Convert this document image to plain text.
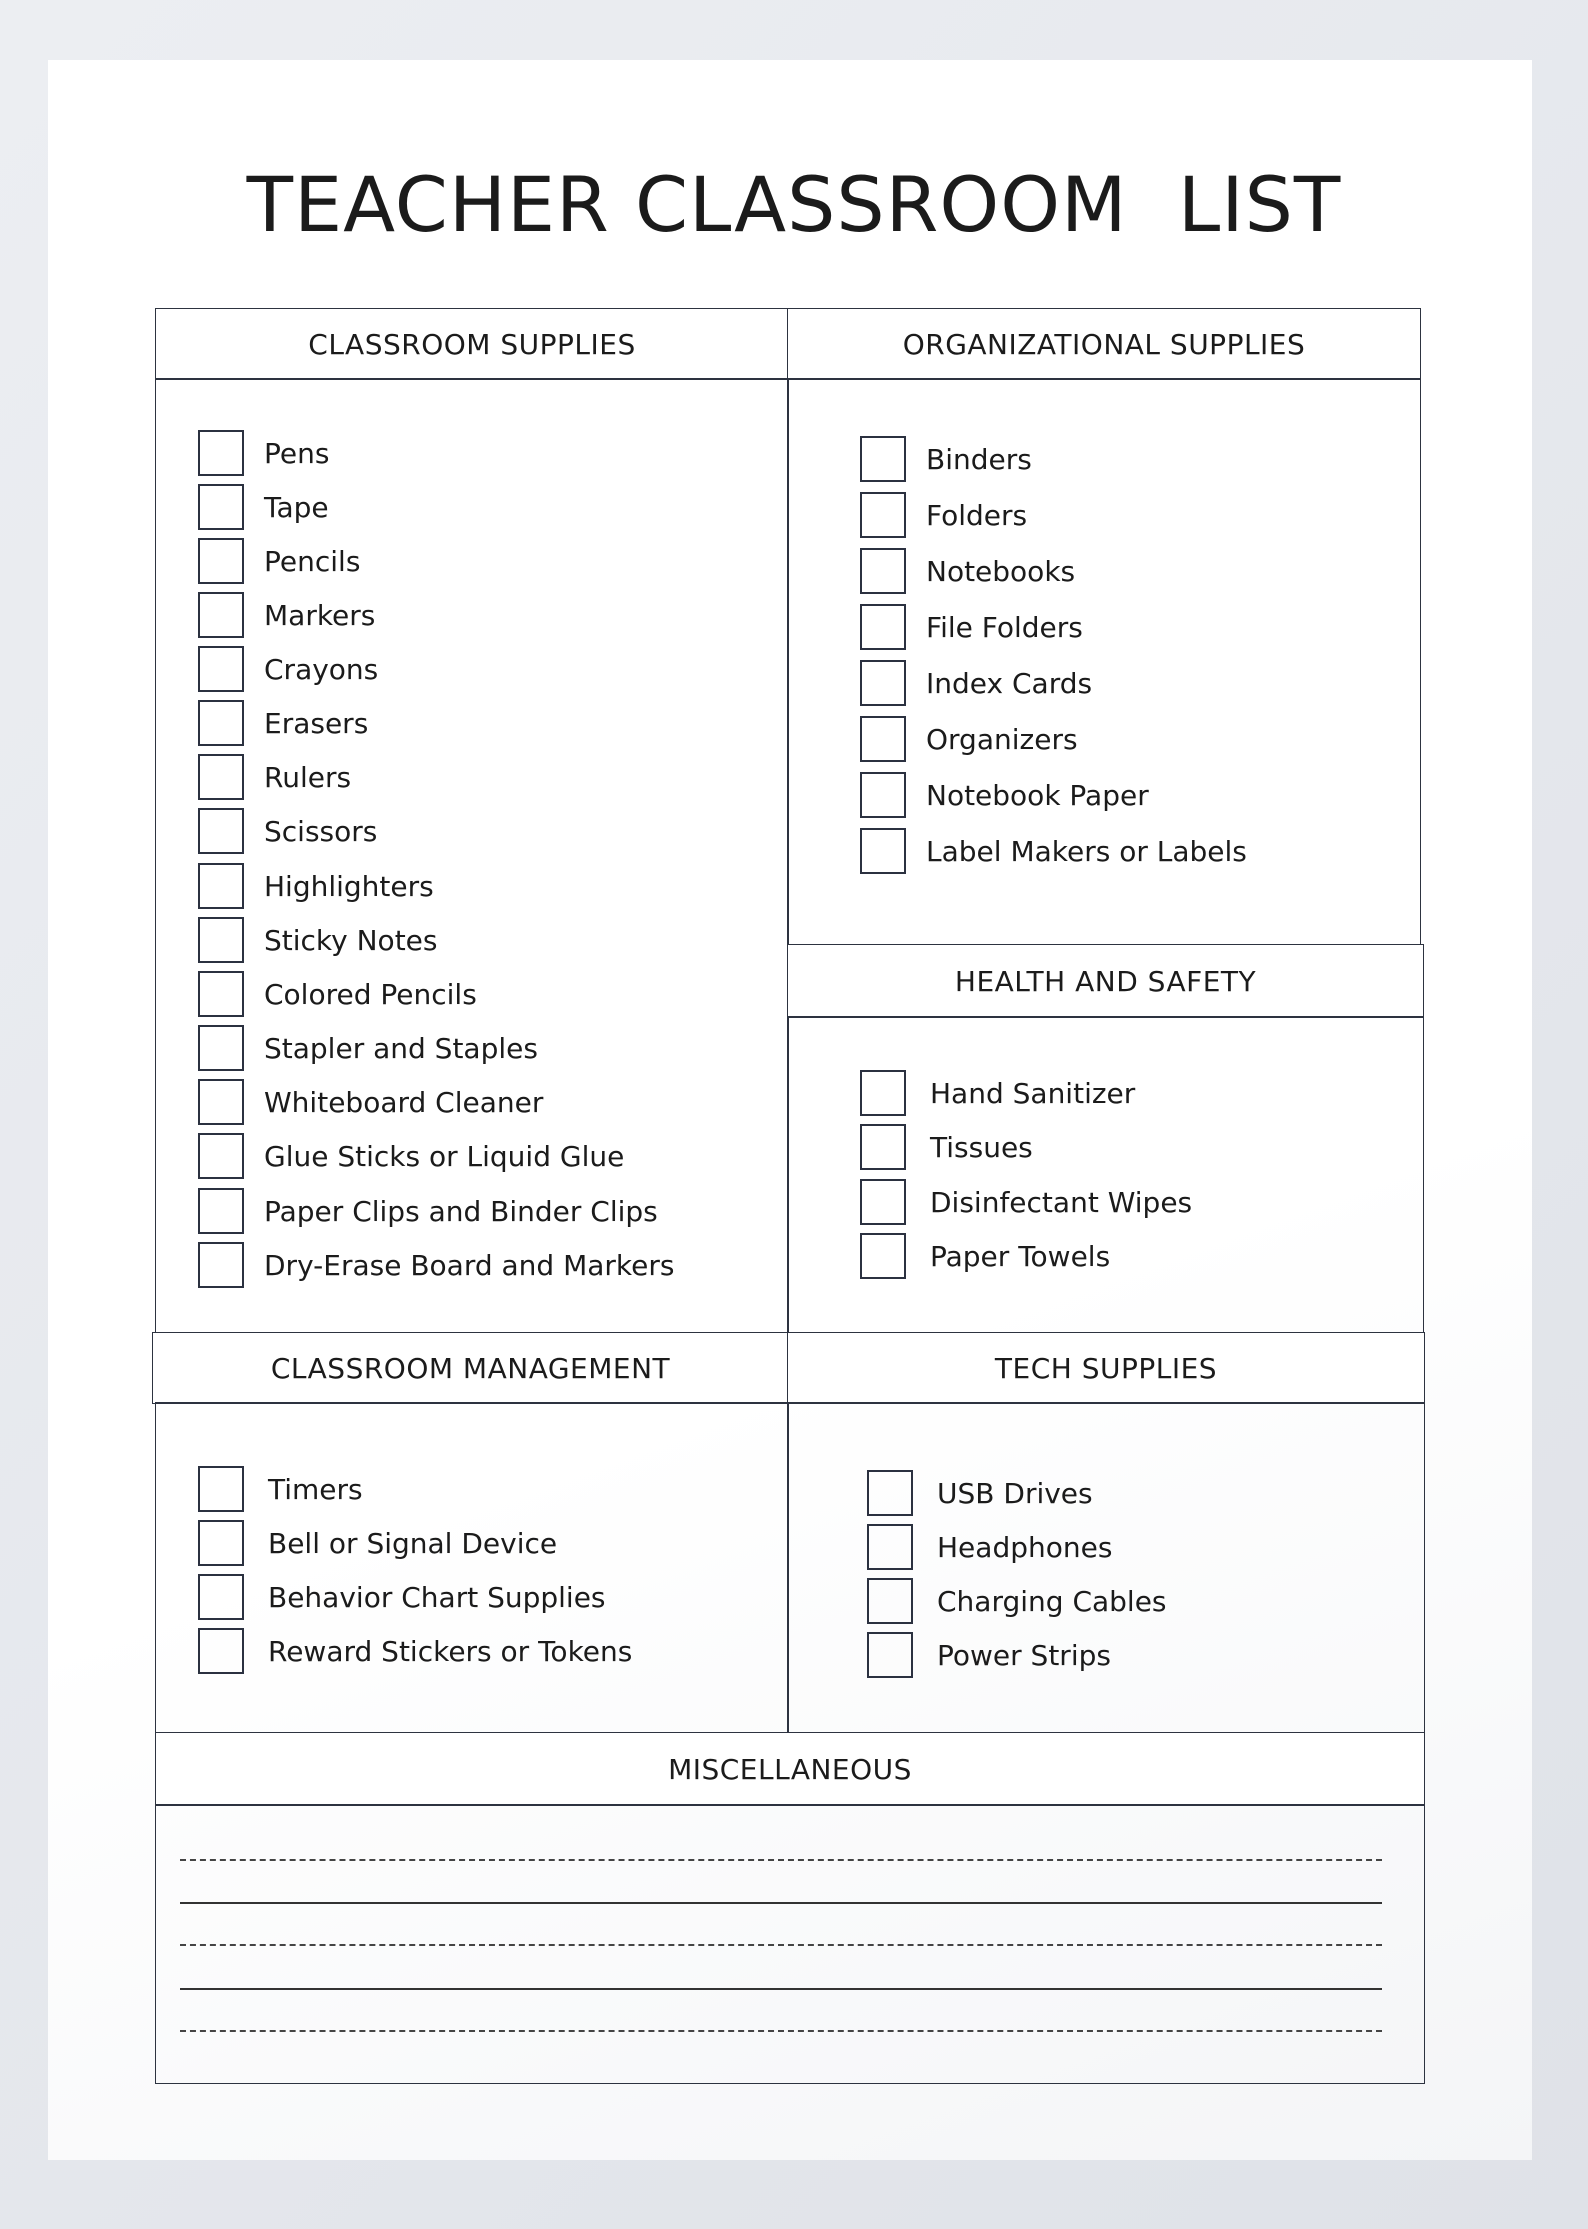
TEACHER CLASSROOM  LIST
CLASSROOM SUPPLIES	ORGANIZATIONAL SUPPLIES
HEALTH AND SAFETY
CLASSROOM MANAGEMENT	TECH SUPPLIES
MISCELLANEOUS
Pens
Tape
Pencils
Markers
Crayons
Erasers
Rulers
Scissors
Highlighters
Sticky Notes
Colored Pencils
Stapler and Staples
Whiteboard Cleaner
Glue Sticks or Liquid Glue
Paper Clips and Binder Clips
Dry-Erase Board and Markers
Binders
Folders
Notebooks
File Folders
Index Cards
Organizers
Notebook Paper
Label Makers or Labels
Hand Sanitizer
Tissues
Disinfectant Wipes
Paper Towels
Timers
Bell or Signal Device
Behavior Chart Supplies
Reward Stickers or Tokens
USB Drives
Headphones
Charging Cables
Power Strips
